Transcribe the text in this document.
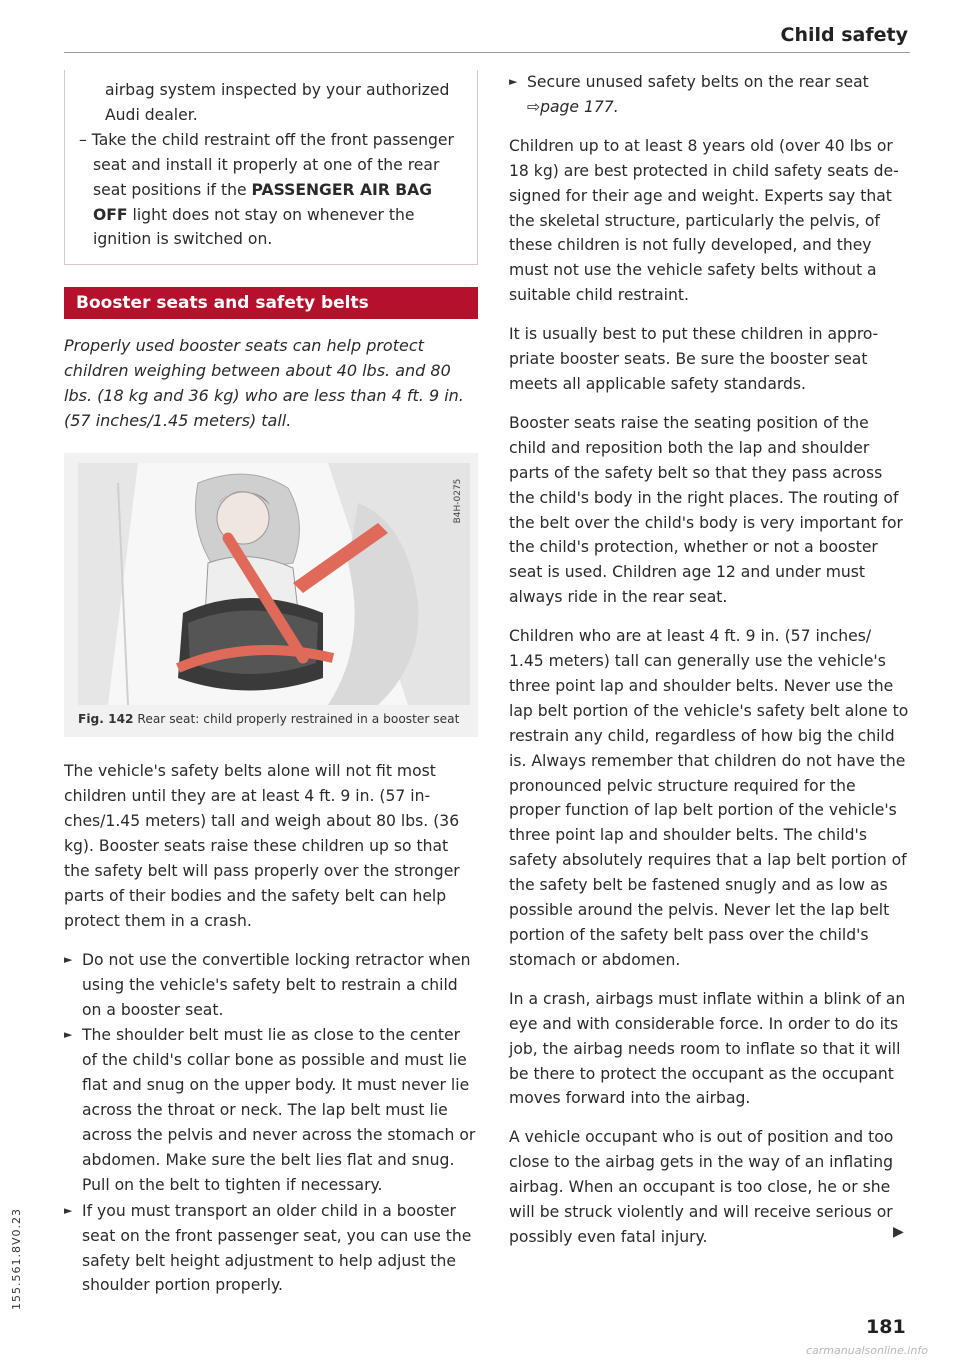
Child safety

airbag system inspected by your authorized Audi dealer.

– Take the child restraint off the front passenger seat and install it properly at one of the rear seat positions if the PASSENGER AIR BAG OFF light does not stay on whenever the ignition is switched on.

Booster seats and safety belts

Properly used booster seats can help protect children weighing between about 40 lbs. and 80 lbs. (18 kg and 36 kg) who are less than 4 ft. 9 in. (57 inches/1.45 meters) tall.

B4H-0275
Fig. 142 Rear seat: child properly restrained in a booster seat

The vehicle's safety belts alone will not fit most children until they are at least 4 ft. 9 in. (57 inches/1.45 meters) tall and weigh about 80 lbs. (36 kg). Booster seats raise these children up so that the safety belt will pass properly over the stronger parts of their bodies and the safety belt can help protect them in a crash.

► Do not use the convertible locking retractor when using the vehicle's safety belt to restrain a child on a booster seat.
► The shoulder belt must lie as close to the center of the child's collar bone as possible and must lie flat and snug on the upper body. It must never lie across the throat or neck. The lap belt must lie across the pelvis and never across the stomach or abdomen. Make sure the belt lies flat and snug. Pull on the belt to tighten if necessary.
► If you must transport an older child in a booster seat on the front passenger seat, you can use the safety belt height adjustment to help adjust the shoulder portion properly.
► Secure unused safety belts on the rear seat
⇨page 177.

Children up to at least 8 years old (over 40 lbs or 18 kg) are best protected in child safety seats designed for their age and weight. Experts say that the skeletal structure, particularly the pelvis, of these children is not fully developed, and they must not use the vehicle safety belts without a suitable child restraint.

It is usually best to put these children in appropriate booster seats. Be sure the booster seat meets all applicable safety standards.

Booster seats raise the seating position of the child and reposition both the lap and shoulder parts of the safety belt so that they pass across the child's body in the right places. The routing of the belt over the child's body is very important for the child's protection, whether or not a booster seat is used. Children age 12 and under must always ride in the rear seat.

Children who are at least 4 ft. 9 in. (57 inches/ 1.45 meters) tall can generally use the vehicle's three point lap and shoulder belts. Never use the lap belt portion of the vehicle's safety belt alone to restrain any child, regardless of how big the child is. Always remember that children do not have the pronounced pelvic structure required for the proper function of lap belt portion of the vehicle's three point lap and shoulder belts. The child's safety absolutely requires that a lap belt portion of the safety belt be fastened snugly and as low as possible around the pelvis. Never let the lap belt portion of the safety belt pass over the child's stomach or abdomen.

In a crash, airbags must inflate within a blink of an eye and with considerable force. In order to do its job, the airbag needs room to inflate so that it will be there to protect the occupant as the occupant moves forward into the airbag.

A vehicle occupant who is out of position and too close to the airbag gets in the way of an inflating airbag. When an occupant is too close, he or she will be struck violently and will receive serious or possibly even fatal injury.	▶
155.561.8V0.23
181
carmanualsonline.info
